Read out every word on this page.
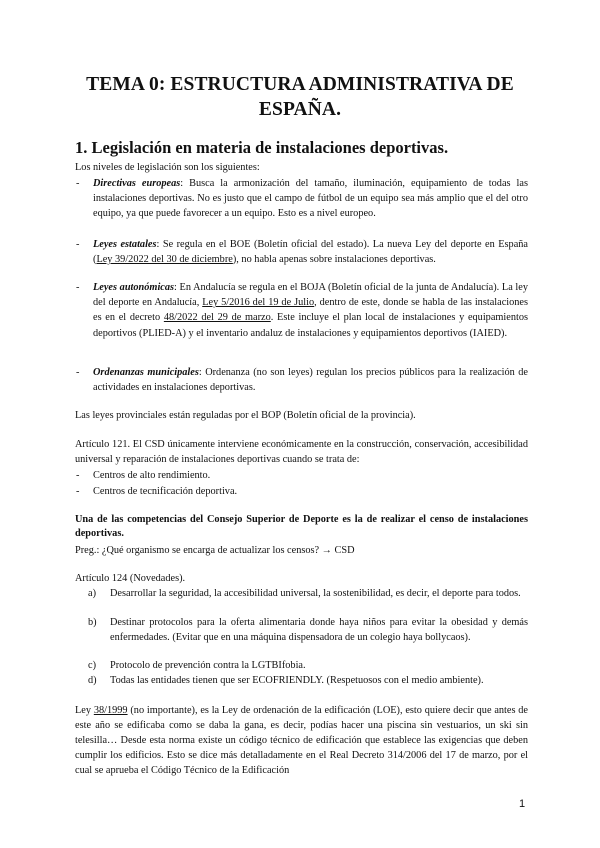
TEMA 0: ESTRUCTURA ADMINISTRATIVA DE ESPAÑA.
1. Legislación en materia de instalaciones deportivas.
Los niveles de legislación son los siguientes:
- Directivas europeas: Busca la armonización del tamaño, iluminación, equipamiento de todas las instalaciones deportivas. No es justo que el campo de fútbol de un equipo sea más amplio que el del otro equipo, ya que puede favorecer a un equipo. Esto es a nivel europeo.
- Leyes estatales: Se regula en el BOE (Boletín oficial del estado). La nueva Ley del deporte en España (Ley 39/2022 del 30 de diciembre), no habla apenas sobre instalaciones deportivas.
- Leyes autonómicas: En Andalucía se regula en el BOJA (Boletín oficial de la junta de Andalucía). La ley del deporte en Andalucía, Ley 5/2016 del 19 de Julio, dentro de este, donde se habla de las instalaciones es en el decreto 48/2022 del 29 de marzo. Este incluye el plan local de instalaciones y equipamientos deportivos (PLIED-A) y el inventario andaluz de instalaciones y equipamientos deportivos (IAIED).
- Ordenanzas municipales: Ordenanza (no son leyes) regulan los precios públicos para la realización de actividades en instalaciones deportivas.
Las leyes provinciales están reguladas por el BOP (Boletín oficial de la provincia).
Artículo 121. El CSD únicamente interviene económicamente en la construcción, conservación, accesibilidad universal y reparación de instalaciones deportivas cuando se trata de:
- Centros de alto rendimiento.
- Centros de tecnificación deportiva.
Una de las competencias del Consejo Superior de Deporte es la de realizar el censo de instalaciones deportivas.
Preg.: ¿Qué organismo se encarga de actualizar los censos? → CSD
Artículo 124 (Novedades).
a) Desarrollar la seguridad, la accesibilidad universal, la sostenibilidad, es decir, el deporte para todos.
b) Destinar protocolos para la oferta alimentaria donde haya niños para evitar la obesidad y demás enfermedades. (Evitar que en una máquina dispensadora de un colegio haya bollycaos).
c) Protocolo de prevención contra la LGTBIfobia.
d) Todas las entidades tienen que ser ECOFRIENDLY. (Respetuosos con el medio ambiente).
Ley 38/1999 (no importante), es la Ley de ordenación de la edificación (LOE), esto quiere decir que antes de este año se edificaba como se daba la gana, es decir, podías hacer una piscina sin vestuarios, un ski sin telesilla… Desde esta norma existe un código técnico de edificación que establece las exigencias que deben cumplir los edificios. Esto se dice más detalladamente en el Real Decreto 314/2006 del 17 de marzo, por el cual se aprueba el Código Técnico de la Edificación
1
